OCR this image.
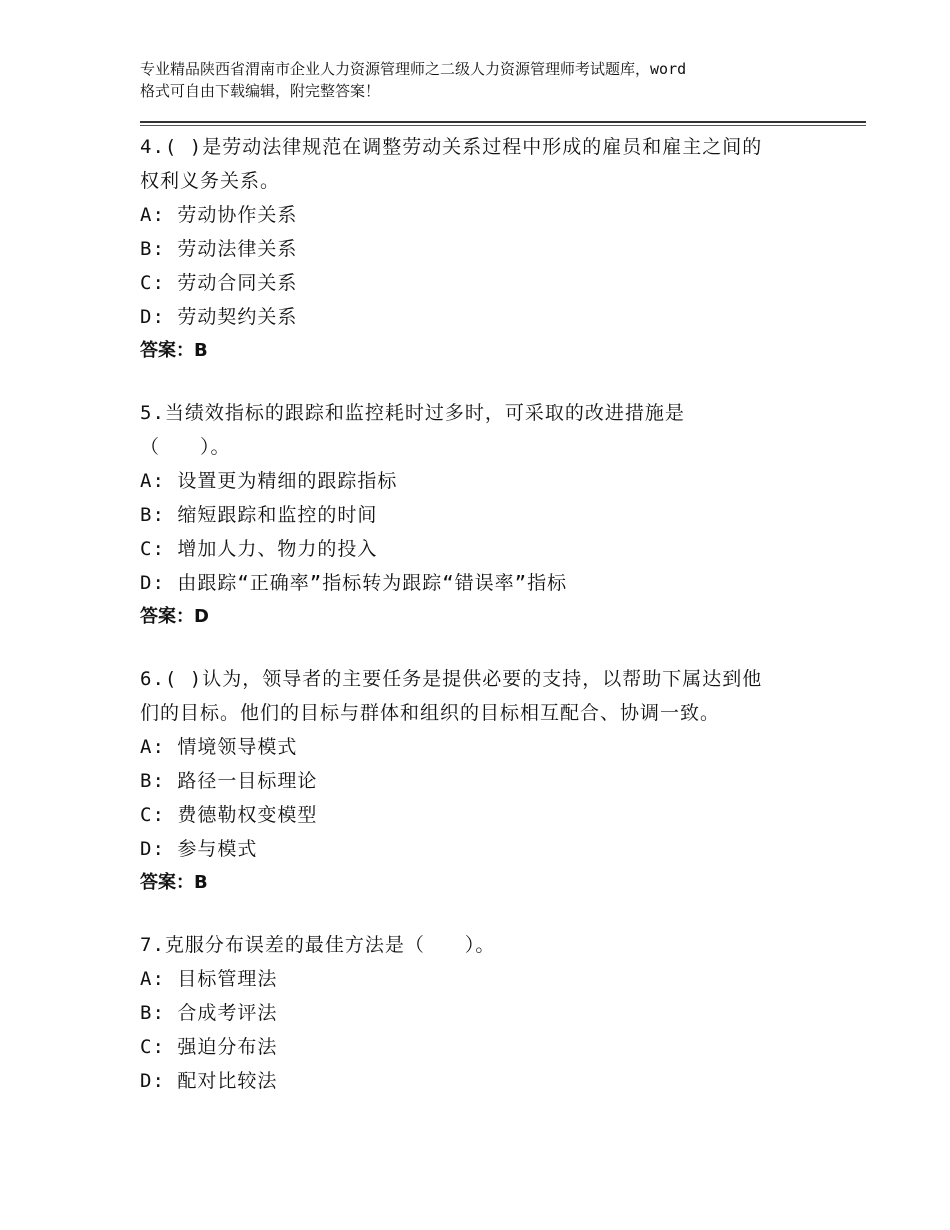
专业精品陕西省渭南市企业人力资源管理师之二级人力资源管理师考试题库，word
格式可自由下载编辑，附完整答案！
4.( )是劳动法律规范在调整劳动关系过程中形成的雇员和雇主之间的
权利义务关系。
A: 劳动协作关系
B: 劳动法律关系
C: 劳动合同关系
D: 劳动契约关系
答案：B
5.当绩效指标的跟踪和监控耗时过多时，可采取的改进措施是
（　　）。
A: 设置更为精细的跟踪指标
B: 缩短跟踪和监控的时间
C: 增加人力、物力的投入
D: 由跟踪“正确率”指标转为跟踪“错误率”指标
答案：D
6.( )认为，领导者的主要任务是提供必要的支持，以帮助下属达到他
们的目标。他们的目标与群体和组织的目标相互配合、协调一致。
A: 情境领导模式
B: 路径一目标理论
C: 费德勒权变模型
D: 参与模式
答案：B
7.克服分布误差的最佳方法是（　　）。
A: 目标管理法
B: 合成考评法
C: 强迫分布法
D: 配对比较法
